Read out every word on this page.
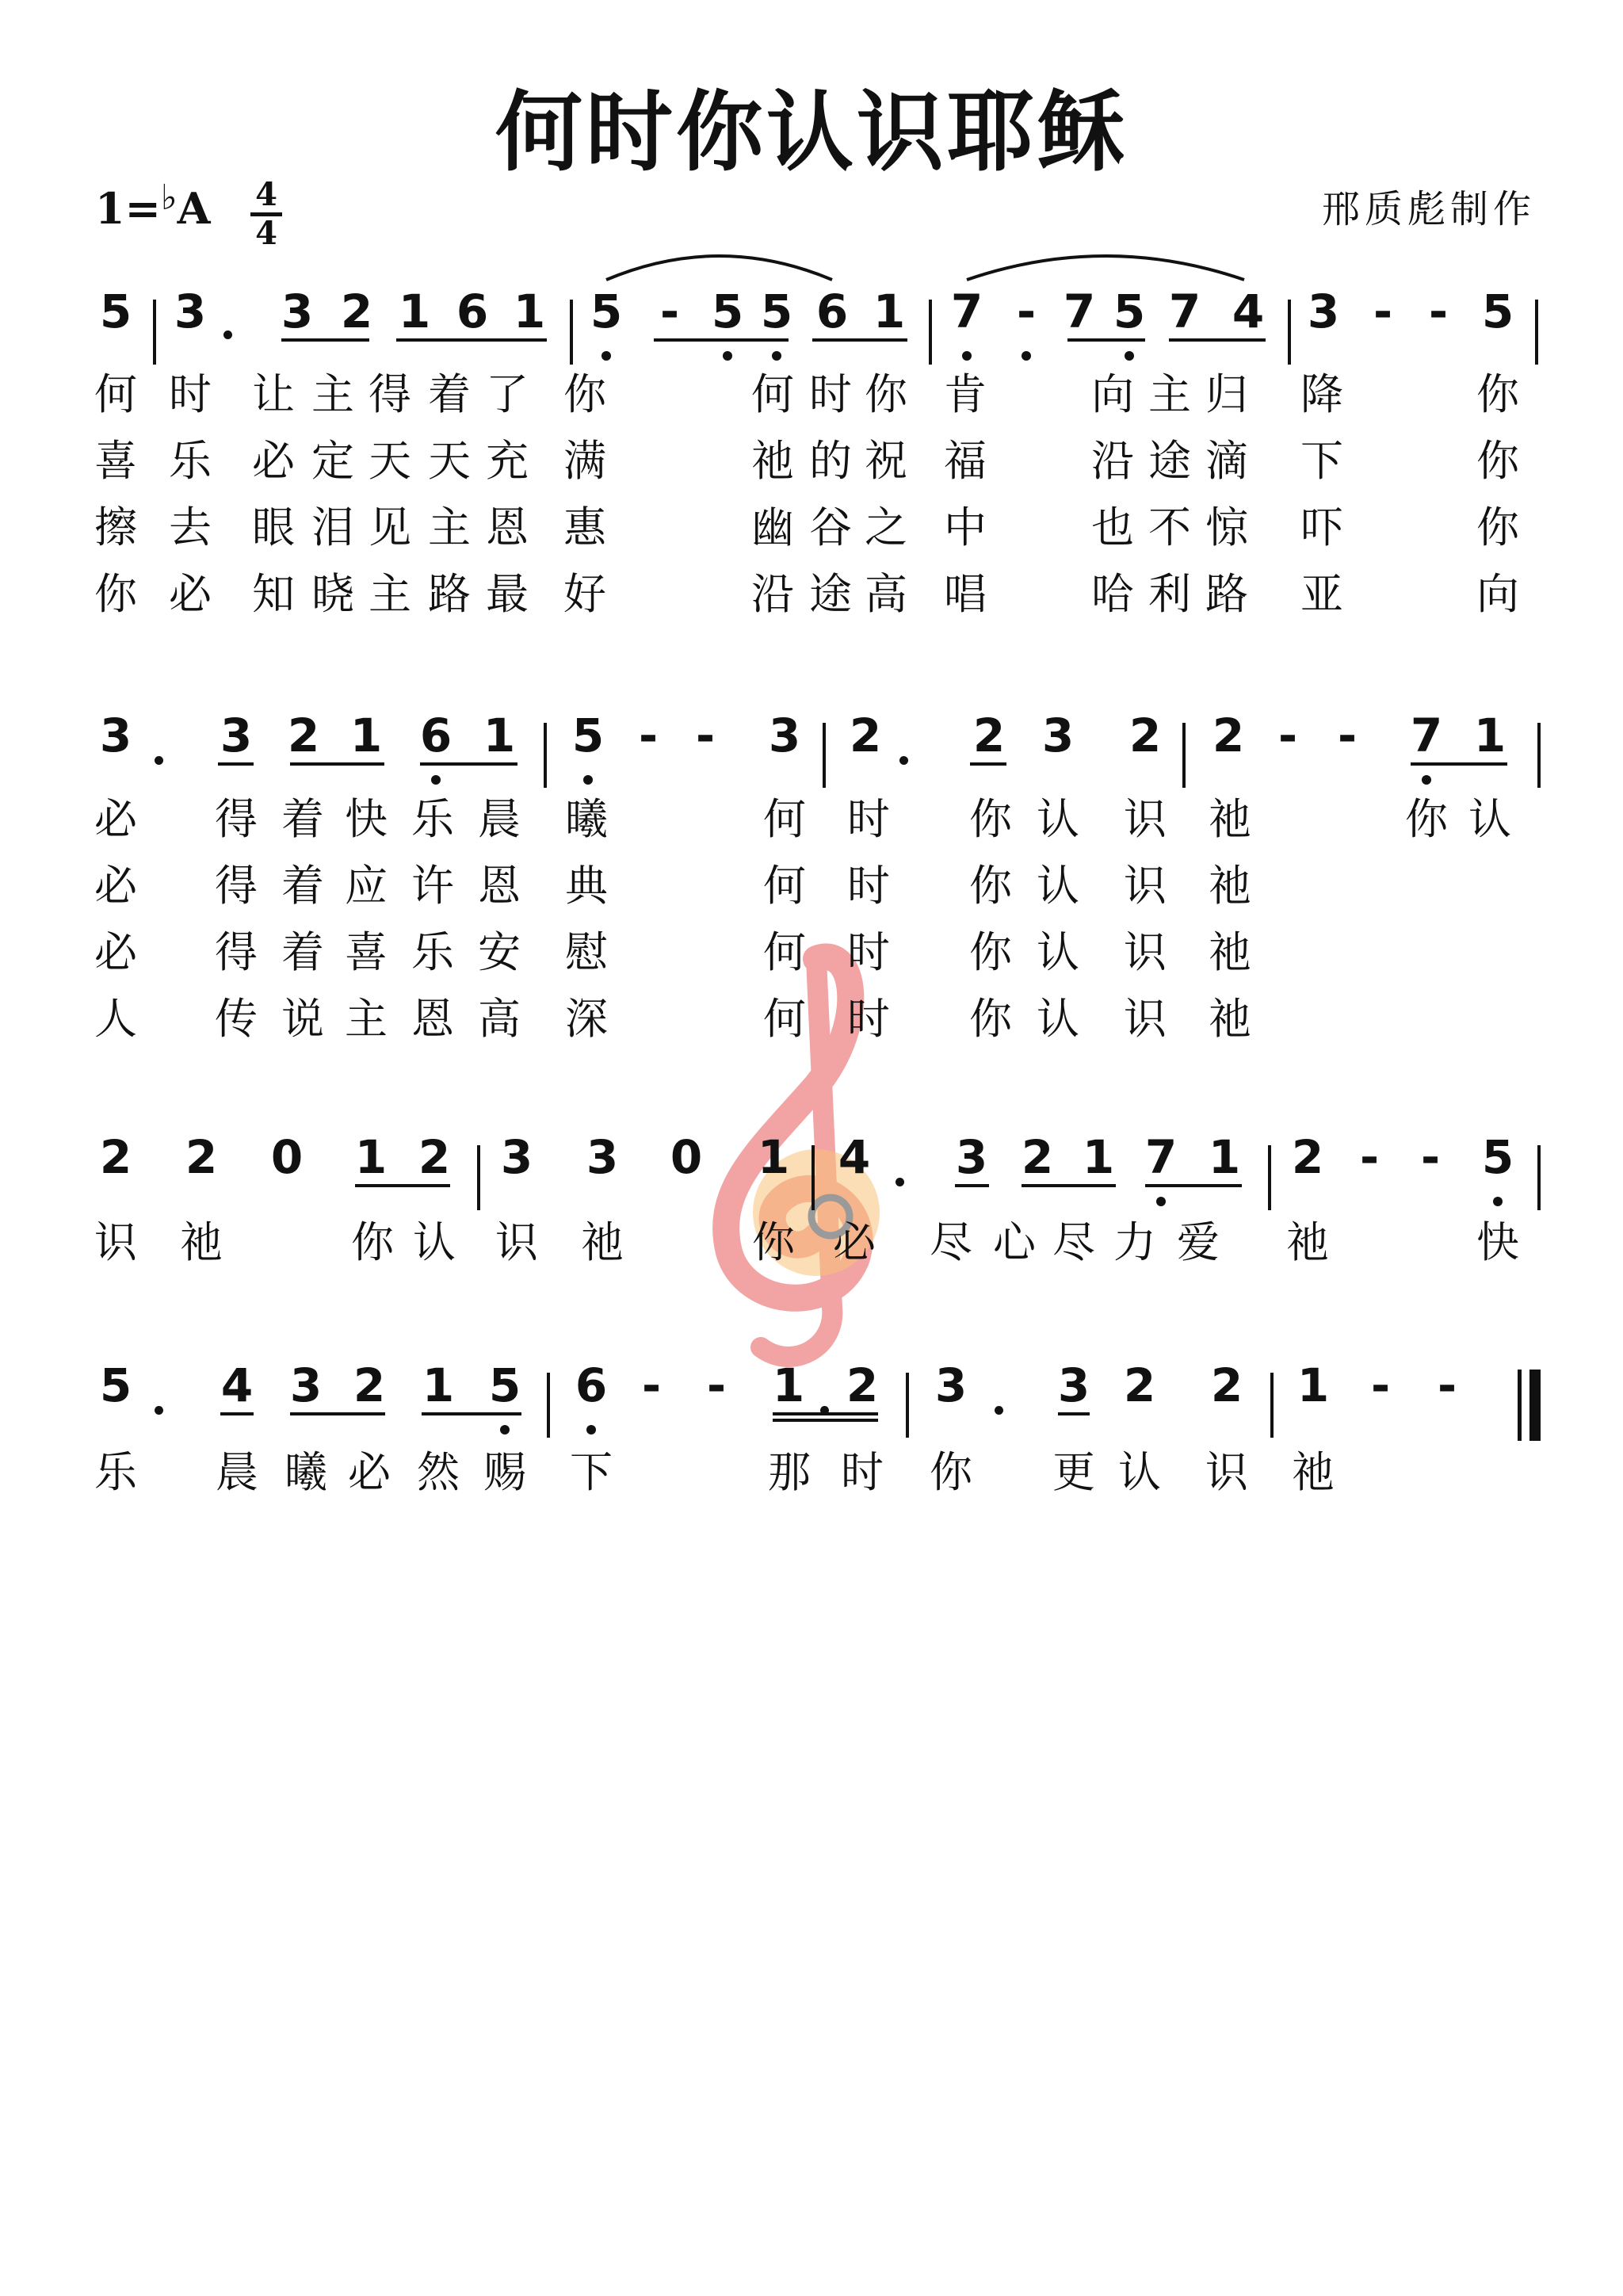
何时你认识耶稣
$1=^♭A \frac{4}{4}$	邢质彪制作
5 3 3 2 1 6 1 5 - 5 5 6 1 7 - 7 5 7 4 3 - - 5
何 时 让 主 得 着 了 你	何 时 你 肯 向 主 归 降	你
喜 乐 必 定 天 天 充 满	祂 的 祝 福 沿 途 滴 下	你
擦 去 眼 泪 见 主 恩 惠	幽 谷 之 中 也 不 惊 吓	你
你 必 知 晓 主 路 最 好	沿 途 高 唱 哈 利 路 亚	向
3 3 2 1 6 1 5 - - 3 2 2 3 2 2 - - 7 1
必 得 着 快 乐 晨 曦	何 时 你 认 识 祂	你 认
必 得 着 应 许 恩 典	何 时 你 认 识 祂
必 得 着 喜 乐 安 慰	何 时 你 认 识 祂
人 传 说 主 恩 高 深	何 时 你 认 识 祂
2 2 0 1 2 3 3 0 1 4 3 2 1 7 1 2 - - 5
识 祂	你 认 识 祂	你 必 尽 心 尽 力 爱 祂	快
5 4 3 2 1 5 6 - - 1 2 3 3 2 2 1 - -
乐 晨 曦 必 然 赐 下	那 时 你 更 认 识 祂
